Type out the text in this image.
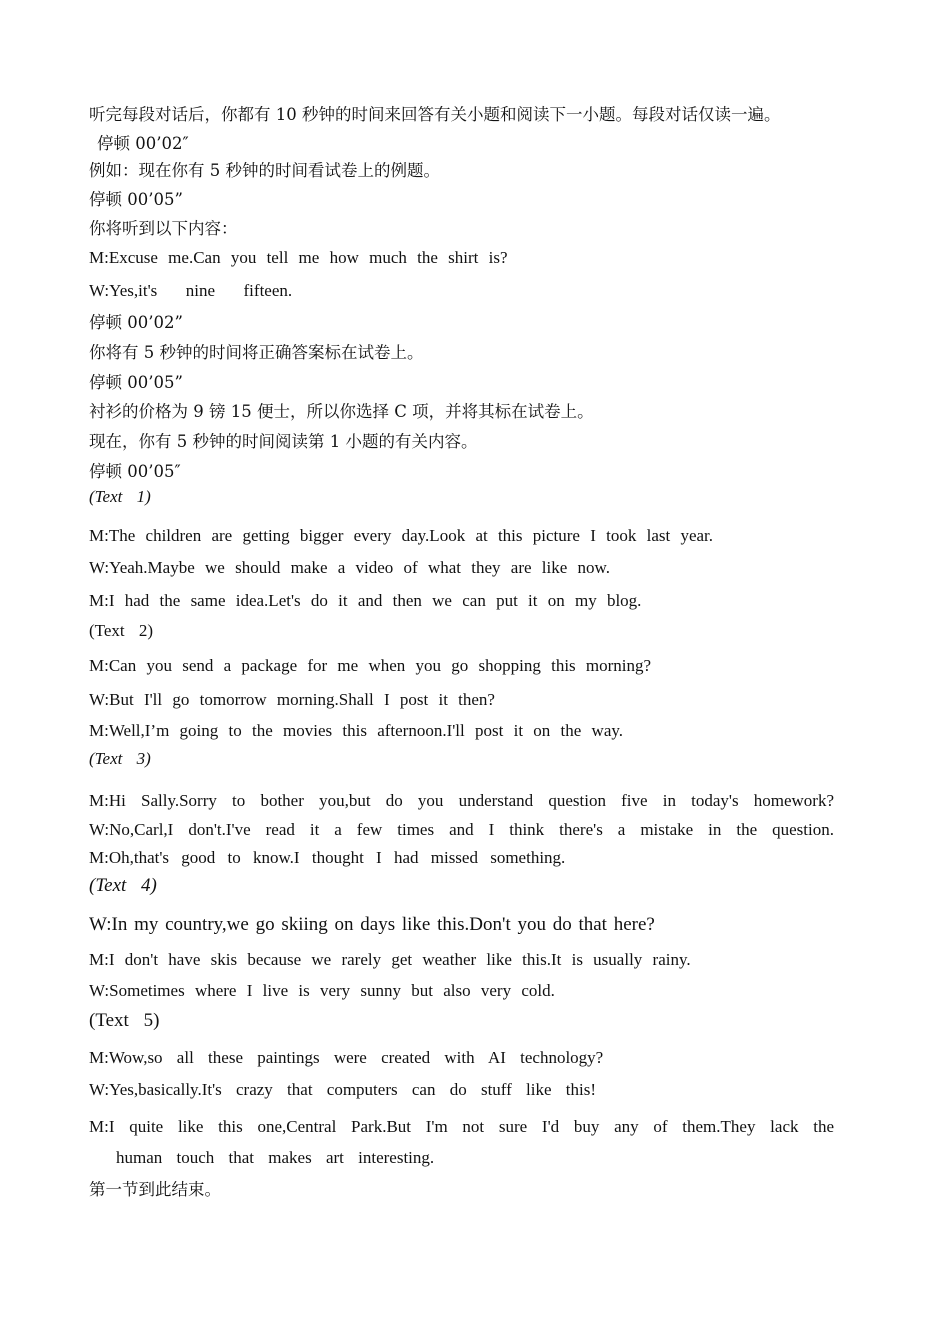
听完每段对话后，你都有 10 秒钟的时间来回答有关小题和阅读下一小题。每段对话仅读一遍。
停顿 00’02″
例如：现在你有 5 秒钟的时间看试卷上的例题。
停顿 00’05”
你将听到以下内容：
M:Excuse me.Can you tell me how much the shirt is?
W:Yes,it's  nine  fifteen.
停顿 00’02”
你将有 5 秒钟的时间将正确答案标在试卷上。
停顿 00’05”
衬衫的价格为 9 镑 15 便士，所以你选择 C 项，并将其标在试卷上。
现在，你有 5 秒钟的时间阅读第 1 小题的有关内容。
停顿 00’05″
(Text 1)
M:The children are getting bigger every day.Look at this picture I took last year.
W:Yeah.Maybe we should make a video of what they are like now.
M:I had the same idea.Let's do it and then we can put it on my blog.
(Text 2)
M:Can you send a package for me when you go shopping this morning?
W:But I'll go tomorrow morning.Shall I post it then?
M:Well,I’m going to the movies this afternoon.I'll post it on the way.
(Text 3)
M:Hi Sally.Sorry to bother you,but do you understand question five in today's homework? W:No,Carl,I don't.I've read it a few times and I think there's a mistake in the question. M:Oh,that's good to know.I thought I had missed something.
(Text 4)
W:In my country,we go skiing on days like this.Don't you do that here?
M:I don't have skis because we rarely get weather like this.It is usually rainy.
W:Sometimes where I live is very sunny but also very cold.
(Text 5)
M:Wow,so all these paintings were created with AI technology?
W:Yes,basically.It's crazy that computers can do stuff like this!
M:I quite like this one,Central Park.But I'm not sure I'd buy any of them.They lack the human touch that makes art interesting.
第一节到此结束。
